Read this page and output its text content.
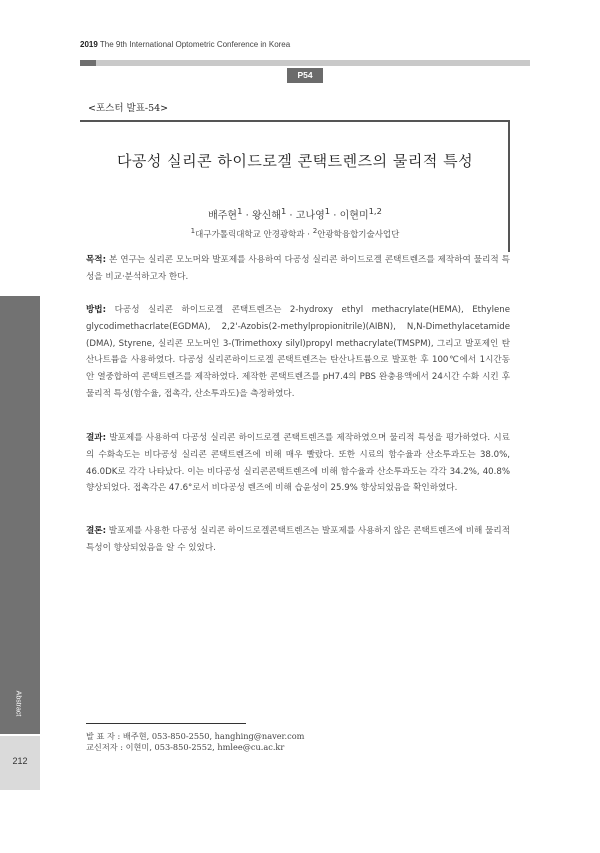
2019 The 9th International Optometric Conference in Korea
P54
<포스터 발표-54>
다공성 실리콘 하이드로겔 콘택트렌즈의 물리적 특성
배주현$^1$ · 왕신해$^1$ · 고나영$^1$ · 이현미$^{1,2}$
$^1$대구가톨릭대학교 안경광학과 · $^2$안광학융합기술사업단

목적: 본 연구는 실리콘 모노머와 발포제를 사용하여 다공성 실리콘 하이드로겔 콘택트렌즈를 제작하여 물리적 특성을 비교·분석하고자 한다.

방법: 다공성 실리콘 하이드로겔 콘택트렌즈는 2-hydroxy ethyl methacrylate(HEMA), Ethylene glycodimethacrlate(EGDMA), 2,2'-Azobis(2-methylpropionitrile)(AIBN), N,N-Dimethylacetamide (DMA), Styrene, 실리콘 모노머인 3-(Trimethoxy silyl)propyl methacrylate(TMSPM), 그리고 발포제인 탄산나트륨을 사용하였다. 다공성 실리콘하이드로겔 콘택트렌즈는 탄산나트륨으로 발포한 후 100℃에서 1시간동안 열중합하여 콘택트렌즈를 제작하였다. 제작한 콘택트렌즈를 pH7.4의 PBS 완충용액에서 24시간 수화 시킨 후 물리적 특성(함수율, 접촉각, 산소투과도)을 측정하였다.

결과: 발포제를 사용하여 다공성 실리콘 하이드로겔 콘택트렌즈를 제작하였으며 물리적 특성을 평가하였다. 시료의 수화속도는 비다공성 실리콘 콘택트렌즈에 비해 매우 빨랐다. 또한 시료의 함수율과 산소투과도는 38.0%, 46.0DK로 각각 나타났다. 이는 비다공성 실리콘콘택트렌즈에 비해 함수율과 산소투과도는 각각 34.2%, 40.8% 향상되었다. 접촉각은 47.6°로서 비다공성 렌즈에 비해 습윤성이 25.9% 향상되었음을 확인하였다.

결론: 발포제를 사용한 다공성 실리콘 하이드로겔콘택트렌즈는 발포제를 사용하지 않은 콘택트렌즈에 비해 물리적 특성이 향상되었음을 알 수 있었다.

Abstract
212
발 표 자 : 배주현, 053-850-2550, hanghing@naver.com
교신저자 : 이현미, 053-850-2552, hmlee@cu.ac.kr
